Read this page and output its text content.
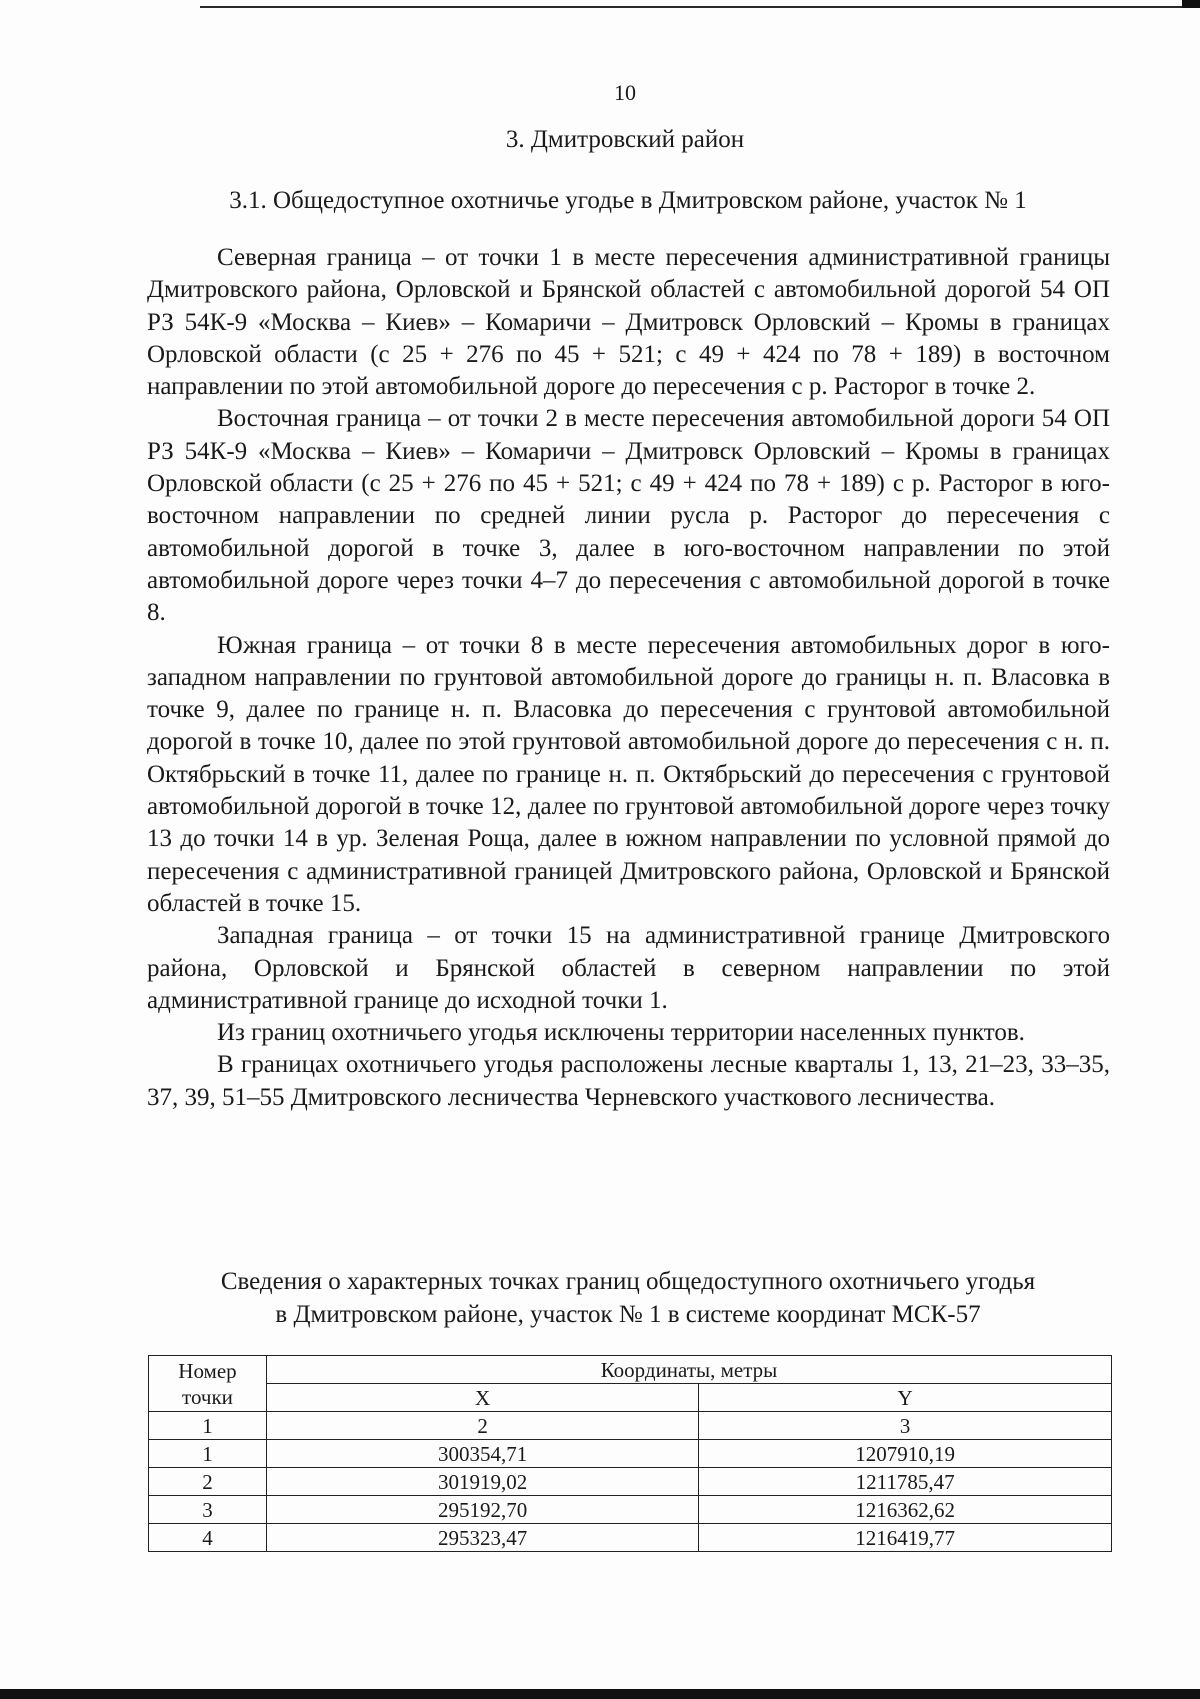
10
3. Дмитровский район
3.1. Общедоступное охотничье угодье в Дмитровском районе, участок № 1

Северная граница – от точки 1 в месте пересечения административной границы Дмитровского района, Орловской и Брянской областей с автомобильной дорогой 54 ОП РЗ 54К-9 «Москва – Киев» – Комаричи – Дмитровск Орловский – Кромы в границах Орловской области (с 25 + 276 по 45 + 521; с 49 + 424 по 78 + 189) в восточном направлении по этой автомобильной дороге до пересечения с р. Расторог в точке 2.

Восточная граница – от точки 2 в месте пересечения автомобильной дороги 54 ОП РЗ 54К-9 «Москва – Киев» – Комаричи – Дмитровск Орловский – Кромы в границах Орловской области (с 25 + 276 по 45 + 521; с 49 + 424 по 78 + 189) с р. Расторог в юго-восточном направлении по средней линии русла р. Расторог до пересечения с автомобильной дорогой в точке 3, далее в юго-восточном направлении по этой автомобильной дороге через точки 4–7 до пересечения с автомобильной дорогой в точке 8.

Южная граница – от точки 8 в месте пересечения автомобильных дорог в юго-западном направлении по грунтовой автомобильной дороге до границы н. п. Власовка в точке 9, далее по границе н. п. Власовка до пересечения с грунтовой автомобильной дорогой в точке 10, далее по этой грунтовой автомобильной дороге до пересечения с н. п. Октябрьский в точке 11, далее по границе н. п. Октябрьский до пересечения с грунтовой автомобильной дорогой в точке 12, далее по грунтовой автомобильной дороге через точку 13 до точки 14 в ур. Зеленая Роща, далее в южном направлении по условной прямой до пересечения с административной границей Дмитровского района, Орловской и Брянской областей в точке 15.

Западная граница – от точки 15 на административной границе Дмитровского района, Орловской и Брянской областей в северном направлении по этой административной границе до исходной точки 1.

Из границ охотничьего угодья исключены территории населенных пунктов.

В границах охотничьего угодья расположены лесные кварталы 1, 13, 21–23, 33–35, 37, 39, 51–55 Дмитровского лесничества Черневского участкового лесничества.

Сведения о характерных точках границ общедоступного охотничьего угодья
в Дмитровском районе, участок № 1 в системе координат МСК-57
Номер
точки	Координаты, метры	
	X	Y
1	2	3
1	300354,71	1207910,19
2	301919,02	1211785,47
3	295192,70	1216362,62
4	295323,47	1216419,77
